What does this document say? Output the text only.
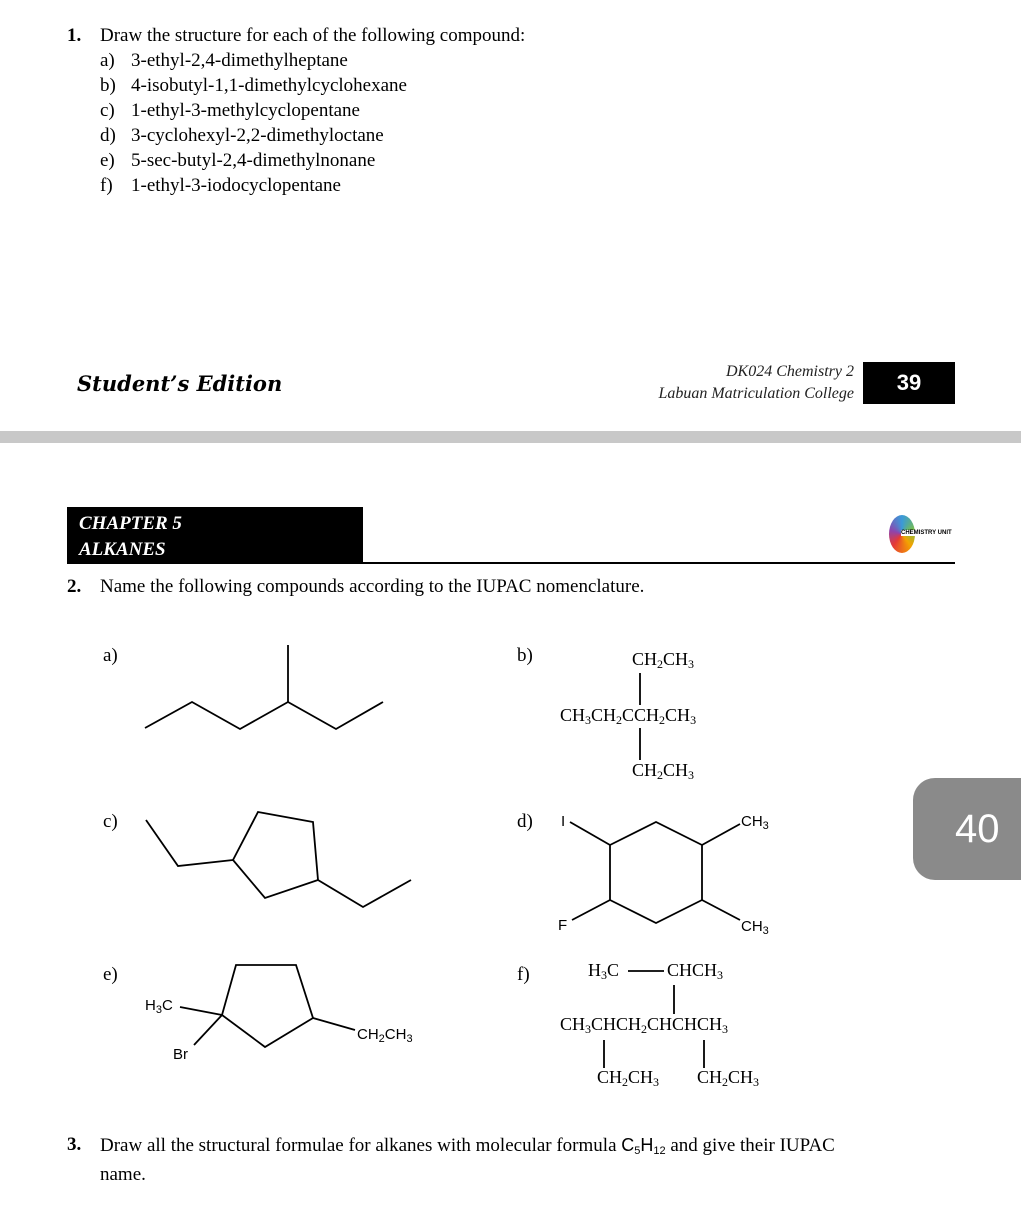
1. Draw the structure for each of the following compound:
a) 3-ethyl-2,4-dimethylheptane
b) 4-isobutyl-1,1-dimethylcyclohexane
c) 1-ethyl-3-methylcyclopentane
d) 3-cyclohexyl-2,2-dimethyloctane
e) 5-sec-butyl-2,4-dimethylnonane
f) 1-ethyl-3-iodocyclopentane
Student’s Edition	DK024 Chemistry 2
Labuan Matriculation College	39
CHAPTER 5
ALKANES
CHEMISTRY UNIT
2. Name the following compounds according to the IUPAC nomenclature.
a)	b)
c)	d)
e)	f)
$CH_2CH_3$
$CH_3CH_2CCH_2CH_3$
$CH_2CH_3$
I	$CH_3$
F	$CH_3$
$H_3C$
$CH_2CH_3$
Br
$H_3C$	$CHCH_3$
$CH_3CHCH_2CHCHCH_3$
$CH_2CH_3$ $CH_2CH_3$
40
3. Draw all the structural formulae for alkanes with molecular formula $C_5H_{12}$ and give their IUPAC
name.
